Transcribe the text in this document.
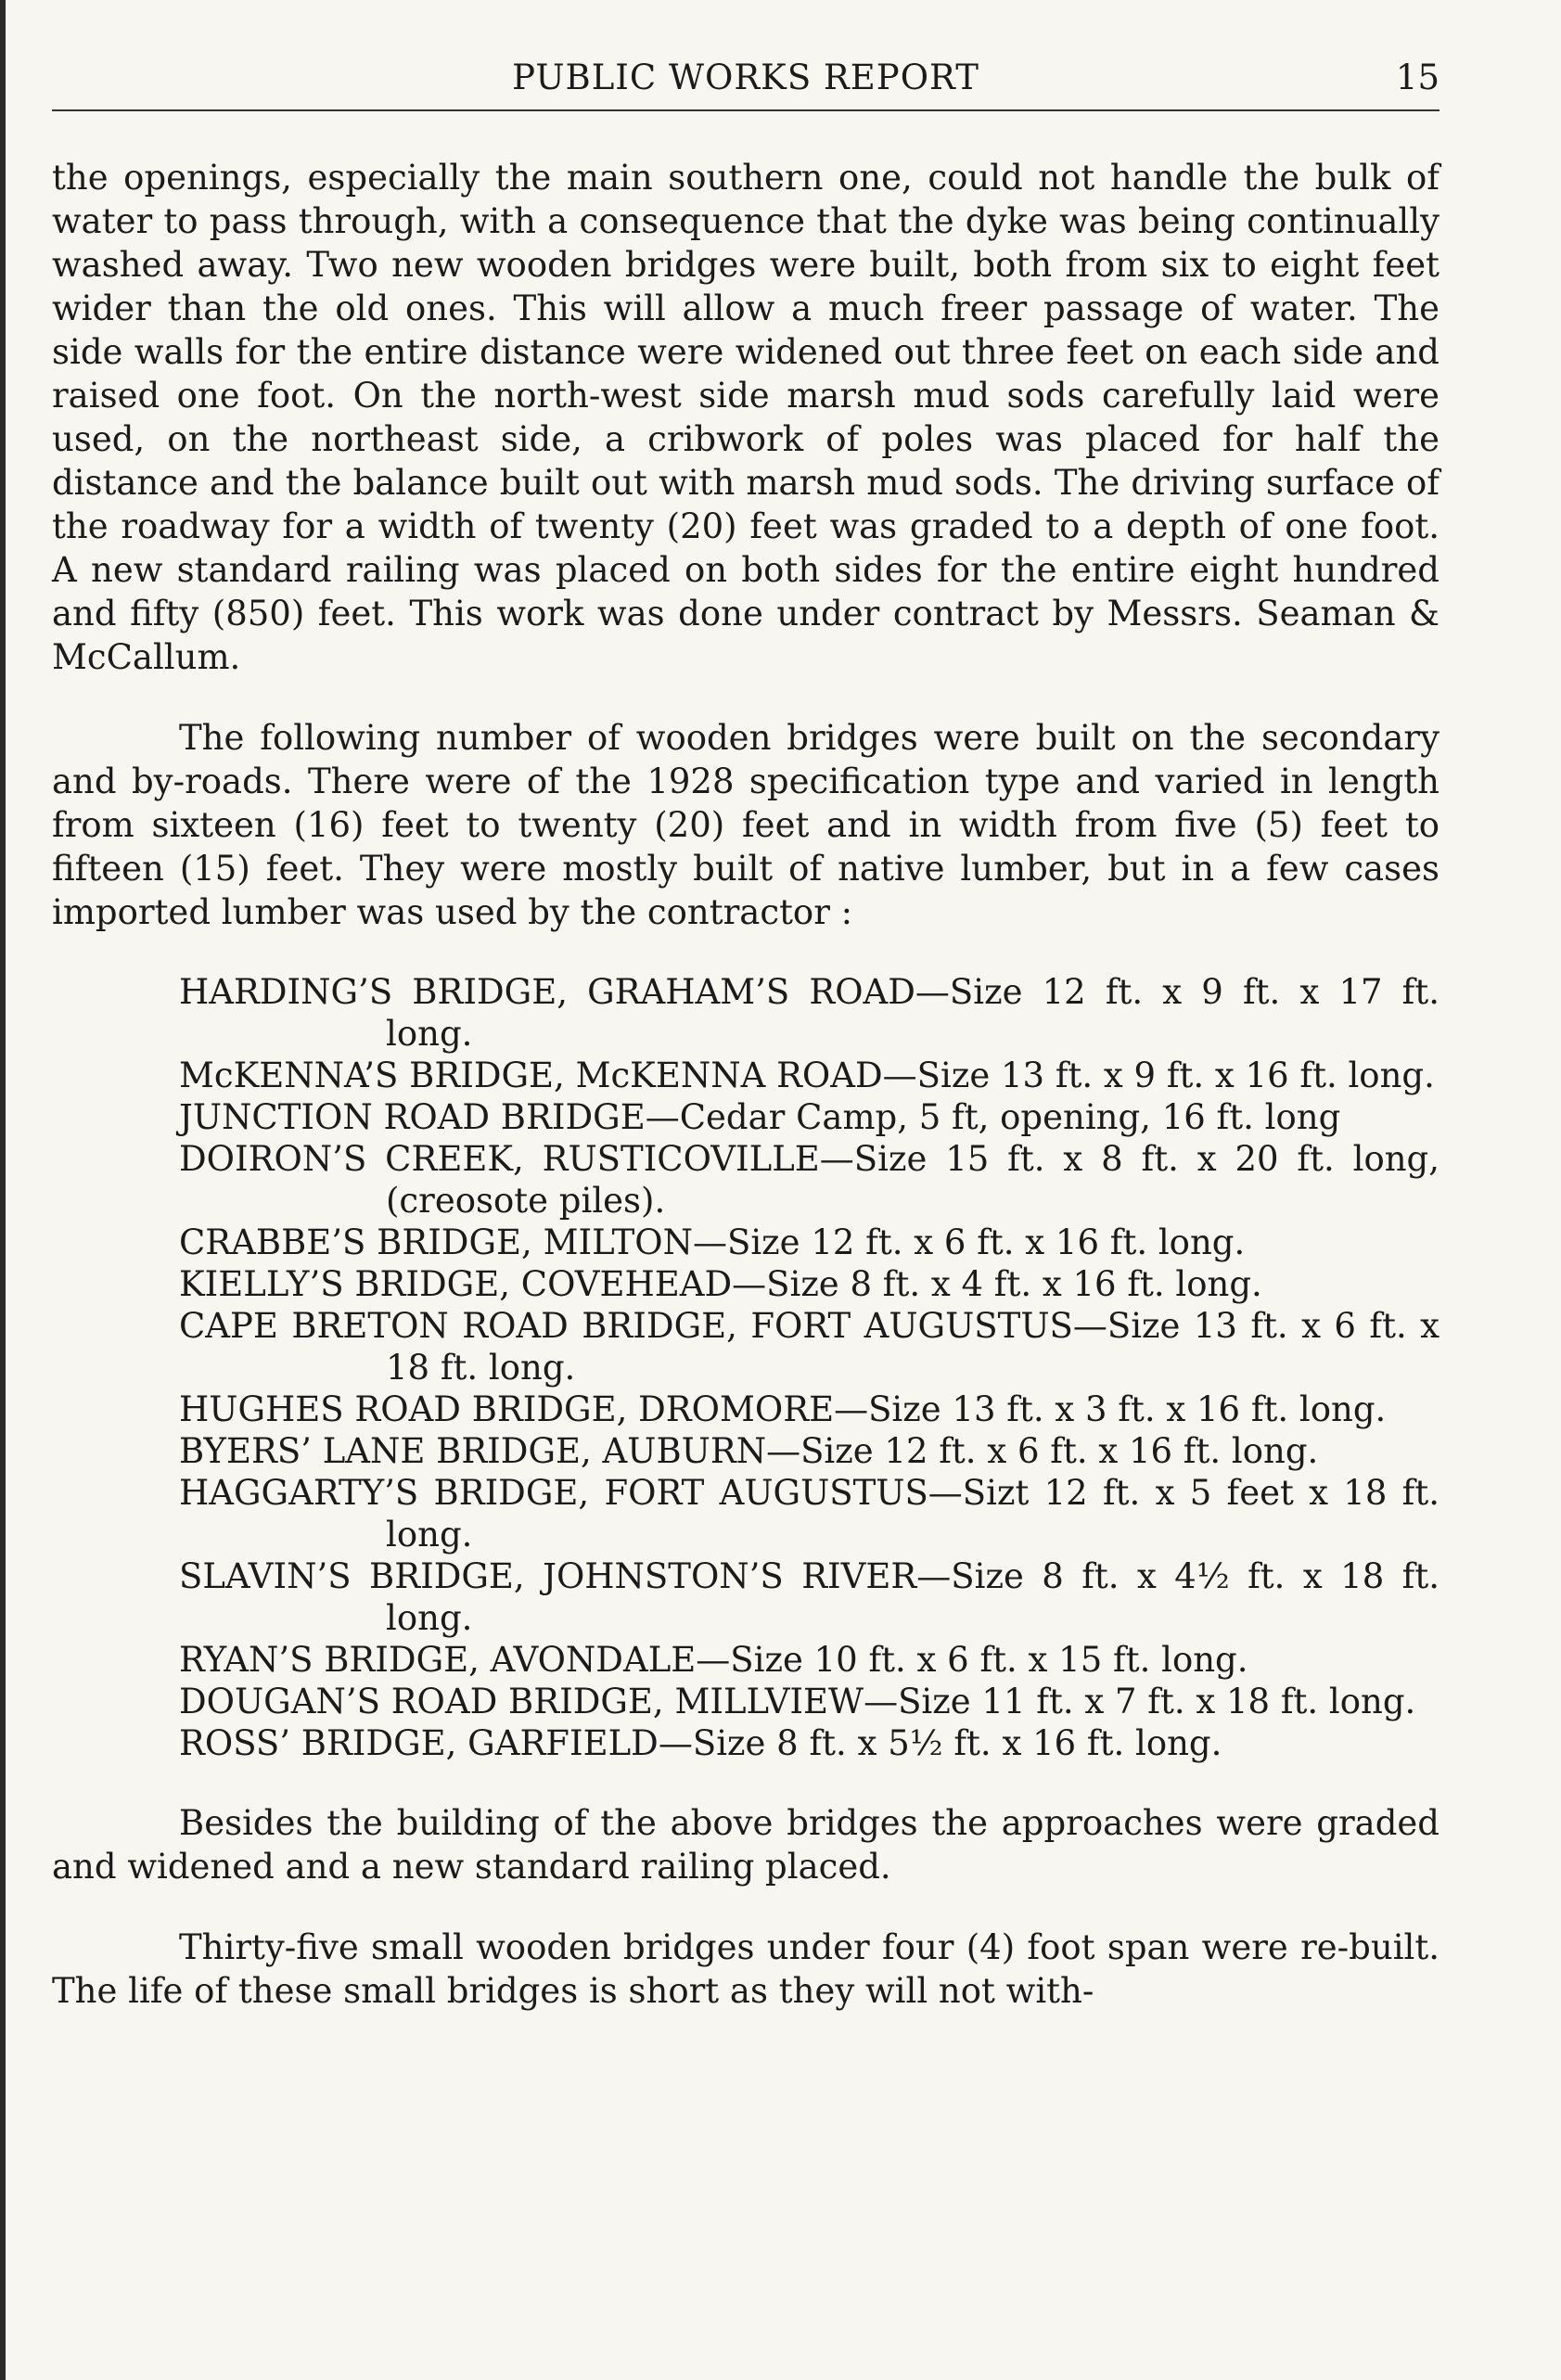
PUBLIC WORKS REPORT	15

the openings, especially the main southern one, could not handle the bulk of water to pass through, with a consequence that the dyke was being continually washed away. Two new wooden bridges were built, both from six to eight feet wider than the old ones. This will allow a much freer passage of water. The side walls for the entire distance were widened out three feet on each side and raised one foot. On the north-west side marsh mud sods carefully laid were used, on the northeast side, a cribwork of poles was placed for half the distance and the balance built out with marsh mud sods. The driving surface of the roadway for a width of twenty (20) feet was graded to a depth of one foot. A new standard railing was placed on both sides for the entire eight hundred and fifty (850) feet. This work was done under contract by Messrs. Seaman & McCallum.

The following number of wooden bridges were built on the secondary and by-roads. There were of the 1928 specification type and varied in length from sixteen (16) feet to twenty (20) feet and in width from five (5) feet to fifteen (15) feet. They were mostly built of native lumber, but in a few cases imported lumber was used by the contractor :

HARDING’S BRIDGE, GRAHAM’S ROAD—Size 12 ft. x 9 ft. x 17 ft. long.
McKENNA’S BRIDGE, McKENNA ROAD—Size 13 ft. x 9 ft. x 16 ft. long.
JUNCTION ROAD BRIDGE—Cedar Camp, 5 ft, opening, 16 ft. long
DOIRON’S CREEK, RUSTICOVILLE—Size 15 ft. x 8 ft. x 20 ft. long, (creosote piles).
CRABBE’S BRIDGE, MILTON—Size 12 ft. x 6 ft. x 16 ft. long.
KIELLY’S BRIDGE, COVEHEAD—Size 8 ft. x 4 ft. x 16 ft. long.
CAPE BRETON ROAD BRIDGE, FORT AUGUSTUS—Size 13 ft. x 6 ft. x 18 ft. long.
HUGHES ROAD BRIDGE, DROMORE—Size 13 ft. x 3 ft. x 16 ft. long.
BYERS’ LANE BRIDGE, AUBURN—Size 12 ft. x 6 ft. x 16 ft. long.
HAGGARTY’S BRIDGE, FORT AUGUSTUS—Sizt 12 ft. x 5 feet x 18 ft. long.
SLAVIN’S BRIDGE, JOHNSTON’S RIVER—Size 8 ft. x 4½ ft. x 18 ft. long.
RYAN’S BRIDGE, AVONDALE—Size 10 ft. x 6 ft. x 15 ft. long.
DOUGAN’S ROAD BRIDGE, MILLVIEW—Size 11 ft. x 7 ft. x 18 ft. long.
ROSS’ BRIDGE, GARFIELD—Size 8 ft. x 5½ ft. x 16 ft. long.

Besides the building of the above bridges the approaches were graded and widened and a new standard railing placed.

Thirty-five small wooden bridges under four (4) foot span were re-built. The life of these small bridges is short as they will not with-
